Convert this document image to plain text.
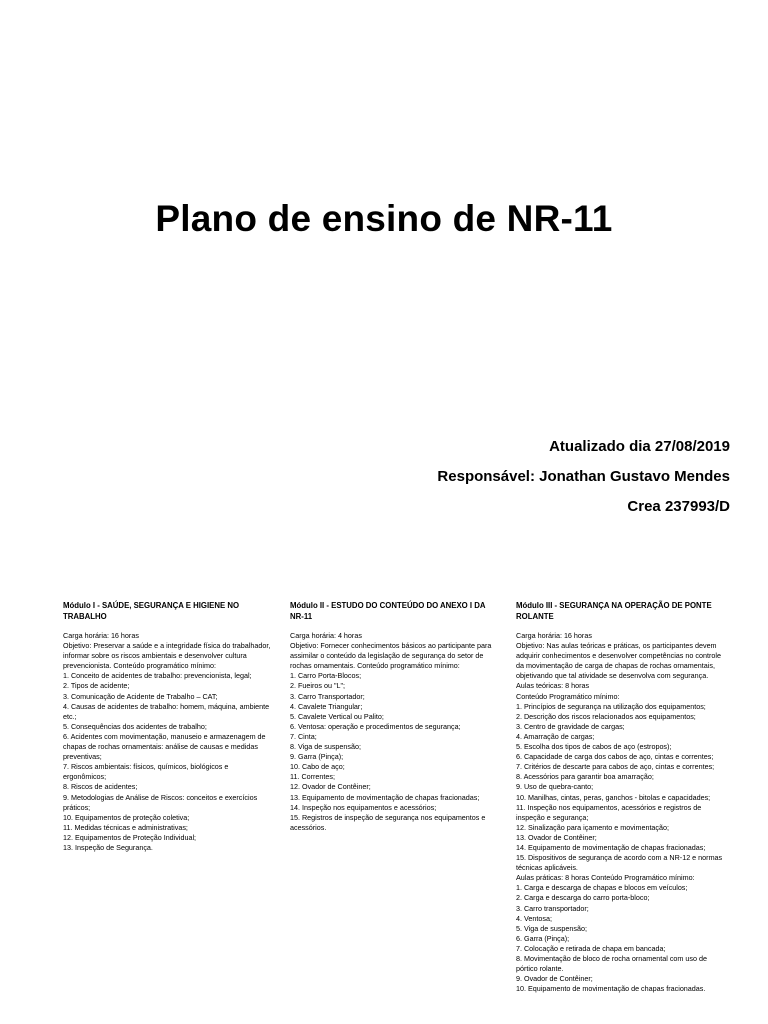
Plano de ensino de NR-11
Atualizado dia 27/08/2019
Responsável: Jonathan Gustavo Mendes
Crea 237993/D
Módulo I - SAÚDE, SEGURANÇA E HIGIENE NO TRABALHO
Carga horária: 16 horas
Objetivo: Preservar a saúde e a integridade física do trabalhador, informar sobre os riscos ambientais e desenvolver cultura prevencionista. Conteúdo programático mínimo:
1. Conceito de acidentes de trabalho: prevencionista, legal;
2. Tipos de acidente;
3. Comunicação de Acidente de Trabalho – CAT;
4. Causas de acidentes de trabalho: homem, máquina, ambiente etc.;
5. Consequências dos acidentes de trabalho;
6. Acidentes com movimentação, manuseio e armazenagem de chapas de rochas ornamentais: análise de causas e medidas preventivas;
7. Riscos ambientais: físicos, químicos, biológicos e ergonômicos;
8. Riscos de acidentes;
9. Metodologias de Análise de Riscos: conceitos e exercícios práticos;
10. Equipamentos de proteção coletiva;
11. Medidas técnicas e administrativas;
12. Equipamentos de Proteção Individual;
13. Inspeção de Segurança.
Módulo II - ESTUDO DO CONTEÚDO DO ANEXO I DA NR-11
Carga horária: 4 horas
Objetivo: Fornecer conhecimentos básicos ao participante para assimilar o conteúdo da legislação de segurança do setor de rochas ornamentais. Conteúdo programático mínimo:
1. Carro Porta-Blocos;
2. Fueiros ou "L";
3. Carro Transportador;
4. Cavalete Triangular;
5. Cavalete Vertical ou Palito;
6. Ventosa: operação e procedimentos de segurança;
7. Cinta;
8. Viga de suspensão;
9. Garra (Pinça);
10. Cabo de aço;
11. Correntes;
12. Ovador de Contêiner;
13. Equipamento de movimentação de chapas fracionadas;
14. Inspeção nos equipamentos e acessórios;
15. Registros de inspeção de segurança nos equipamentos e acessórios.
Módulo III - SEGURANÇA NA OPERAÇÃO DE PONTE ROLANTE
Carga horária: 16 horas
Objetivo: Nas aulas teóricas e práticas, os participantes devem adquirir conhecimentos e desenvolver competências no controle da movimentação de carga de chapas de rochas ornamentais, objetivando que tal atividade se desenvolva com segurança.
Aulas teóricas: 8 horas
Conteúdo Programático mínimo:
1. Princípios de segurança na utilização dos equipamentos;
2. Descrição dos riscos relacionados aos equipamentos;
3. Centro de gravidade de cargas;
4. Amarração de cargas;
5. Escolha dos tipos de cabos de aço (estropos);
6. Capacidade de carga dos cabos de aço, cintas e correntes;
7. Critérios de descarte para cabos de aço, cintas e correntes;
8. Acessórios para garantir boa amarração;
9. Uso de quebra-canto;
10. Manilhas, cintas, peras, ganchos - bitolas e capacidades;
11. Inspeção nos equipamentos, acessórios e registros de inspeção e segurança;
12. Sinalização para içamento e movimentação;
13. Ovador de Contêiner;
14. Equipamento de movimentação de chapas fracionadas;
15. Dispositivos de segurança de acordo com a NR-12 e normas técnicas aplicáveis.
Aulas práticas: 8 horas Conteúdo Programático mínimo:
1. Carga e descarga de chapas e blocos em veículos;
2. Carga e descarga do carro porta-bloco;
3. Carro transportador;
4. Ventosa;
5. Viga de suspensão;
6. Garra (Pinça);
7. Colocação e retirada de chapa em bancada;
8. Movimentação de bloco de rocha ornamental com uso de pórtico rolante.
9. Ovador de Contêiner;
10. Equipamento de movimentação de chapas fracionadas.
